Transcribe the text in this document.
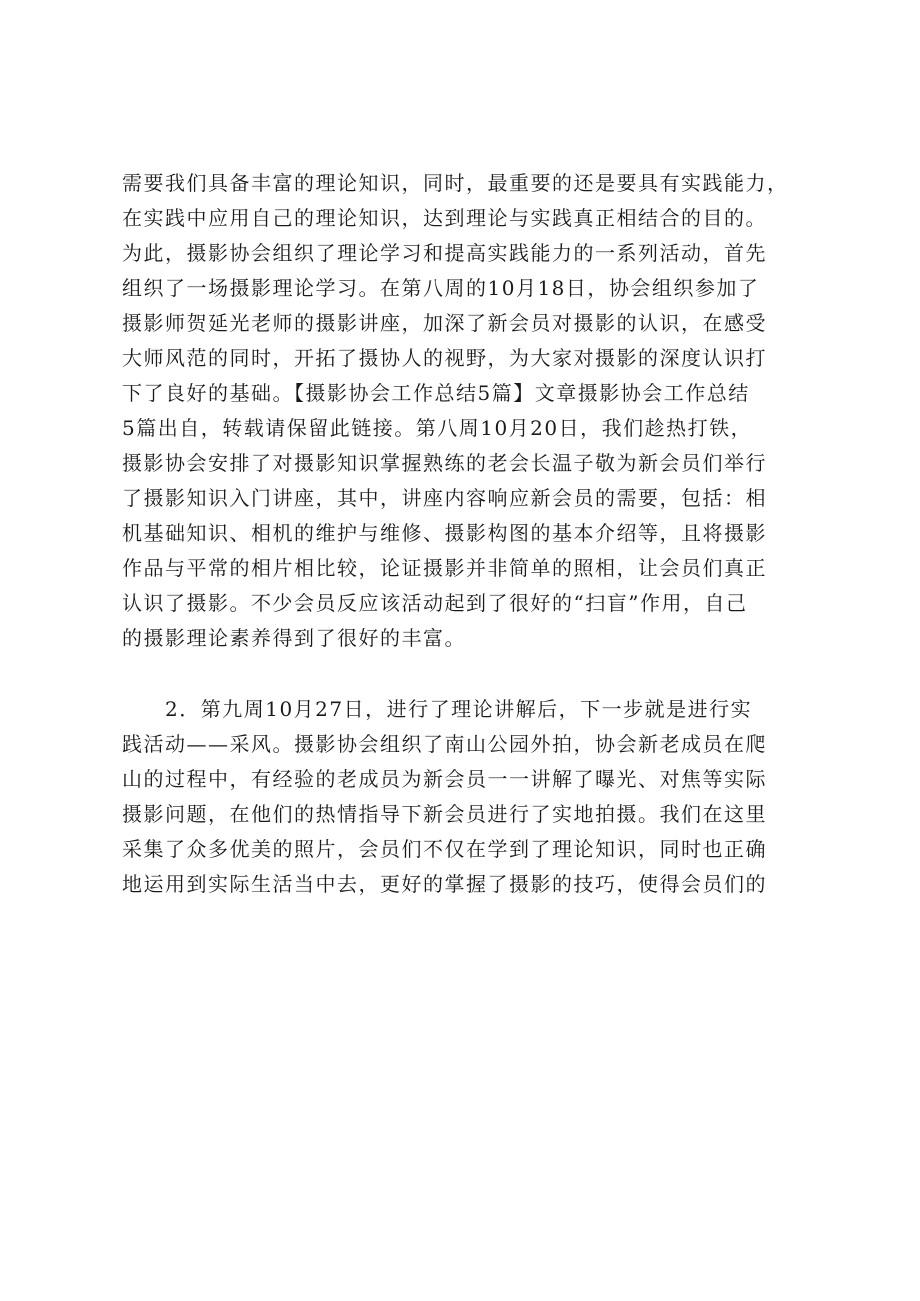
需要我们具备丰富的理论知识，同时，最重要的还是要具有实践能力，
在实践中应用自己的理论知识，达到理论与实践真正相结合的目的。
为此，摄影协会组织了理论学习和提高实践能力的一系列活动，首先
组织了一场摄影理论学习。在第八周的10月18日，协会组织参加了
摄影师贺延光老师的摄影讲座，加深了新会员对摄影的认识，在感受
大师风范的同时，开拓了摄协人的视野，为大家对摄影的深度认识打
下了良好的基础。【摄影协会工作总结5篇】文章摄影协会工作总结
5篇出自，转载请保留此链接。第八周10月20日，我们趁热打铁，
摄影协会安排了对摄影知识掌握熟练的老会长温子敬为新会员们举行
了摄影知识入门讲座，其中，讲座内容响应新会员的需要，包括：相
机基础知识、相机的维护与维修、摄影构图的基本介绍等，且将摄影
作品与平常的相片相比较，论证摄影并非简单的照相，让会员们真正
认识了摄影。不少会员反应该活动起到了很好的“扫盲”作用，自己
的摄影理论素养得到了很好的丰富。
　　2．第九周10月27日，进行了理论讲解后，下一步就是进行实
践活动——采风。摄影协会组织了南山公园外拍，协会新老成员在爬
山的过程中，有经验的老成员为新会员一一讲解了曝光、对焦等实际
摄影问题，在他们的热情指导下新会员进行了实地拍摄。我们在这里
采集了众多优美的照片，会员们不仅在学到了理论知识，同时也正确
地运用到实际生活当中去，更好的掌握了摄影的技巧，使得会员们的
